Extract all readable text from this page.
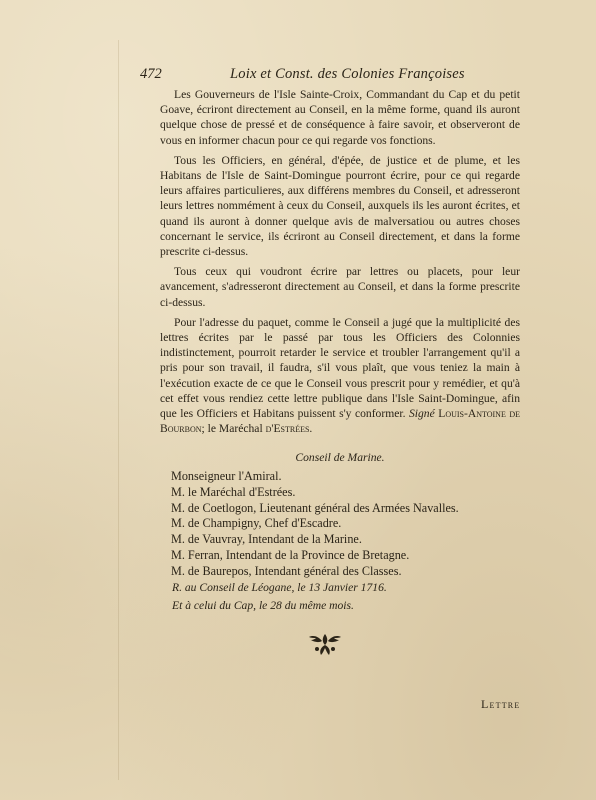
472	Loix et Const. des Colonies Françoises

Les Gouverneurs de l'Isle Sainte-Croix, Commandant du Cap et du petit Goave, écriront directement au Conseil, en la même forme, quand ils auront quelque chose de pressé et de conséquence à faire savoir, et observeront de vous en informer chacun pour ce qui regarde vos fonctions.

Tous les Officiers, en général, d'épée, de justice et de plume, et les Habitans de l'Isle de Saint-Domingue pourront écrire, pour ce qui regarde leurs affaires particulieres, aux différens membres du Conseil, et adresseront leurs lettres nommément à ceux du Conseil, auxquels ils les auront écrites, et quand ils auront à donner quelque avis de malversatiou ou autres choses concernant le service, ils écriront au Conseil directement, et dans la forme prescrite ci-dessus.

Tous ceux qui voudront écrire par lettres ou placets, pour leur avancement, s'adresseront directement au Conseil, et dans la forme prescrite ci-dessus.

Pour l'adresse du paquet, comme le Conseil a jugé que la multiplicité des lettres écrites par le passé par tous les Officiers des Colonnies indistinctement, pourroit retarder le service et troubler l'arrangement qu'il a pris pour son travail, il faudra, s'il vous plaît, que vous teniez la main à l'exécution exacte de ce que le Conseil vous prescrit pour y remédier, et qu'à cet effet vous rendiez cette lettre publique dans l'Isle Saint-Domingue, afin que les Officiers et Habitans puissent s'y conformer. Signé Louis-Antoine de Bourbon; le Maréchal d'Estrées.

Conseil de Marine.
Monseigneur l'Amiral.
M. le Maréchal d'Estrées.
M. de Coetlogon, Lieutenant général des Armées Navalles.
M. de Champigny, Chef d'Escadre.
M. de Vauvray, Intendant de la Marine.
M. Ferran, Intendant de la Province de Bretagne.
M. de Baurepos, Intendant général des Classes.
R. au Conseil de Léogane, le 13 Janvier 1716.
Et à celui du Cap, le 28 du même mois.
Lettre
